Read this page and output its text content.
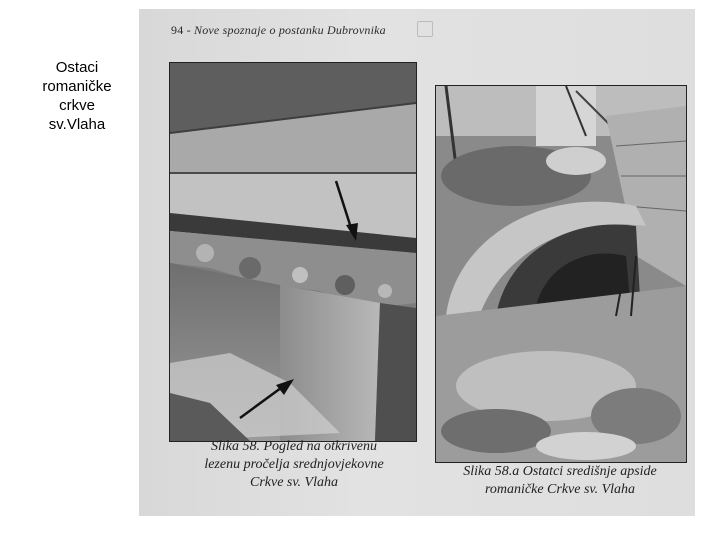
Ostaci
romaničke
crkve
sv.Vlaha
94 - Nove spoznaje o postanku Dubrovnika
Slika 58. Pogled na otkrivenu
lezenu pročelja srednjovjekovne
Crkve sv. Vlaha
Slika 58.a Ostatci središnje apside
romaničke Crkve sv. Vlaha
